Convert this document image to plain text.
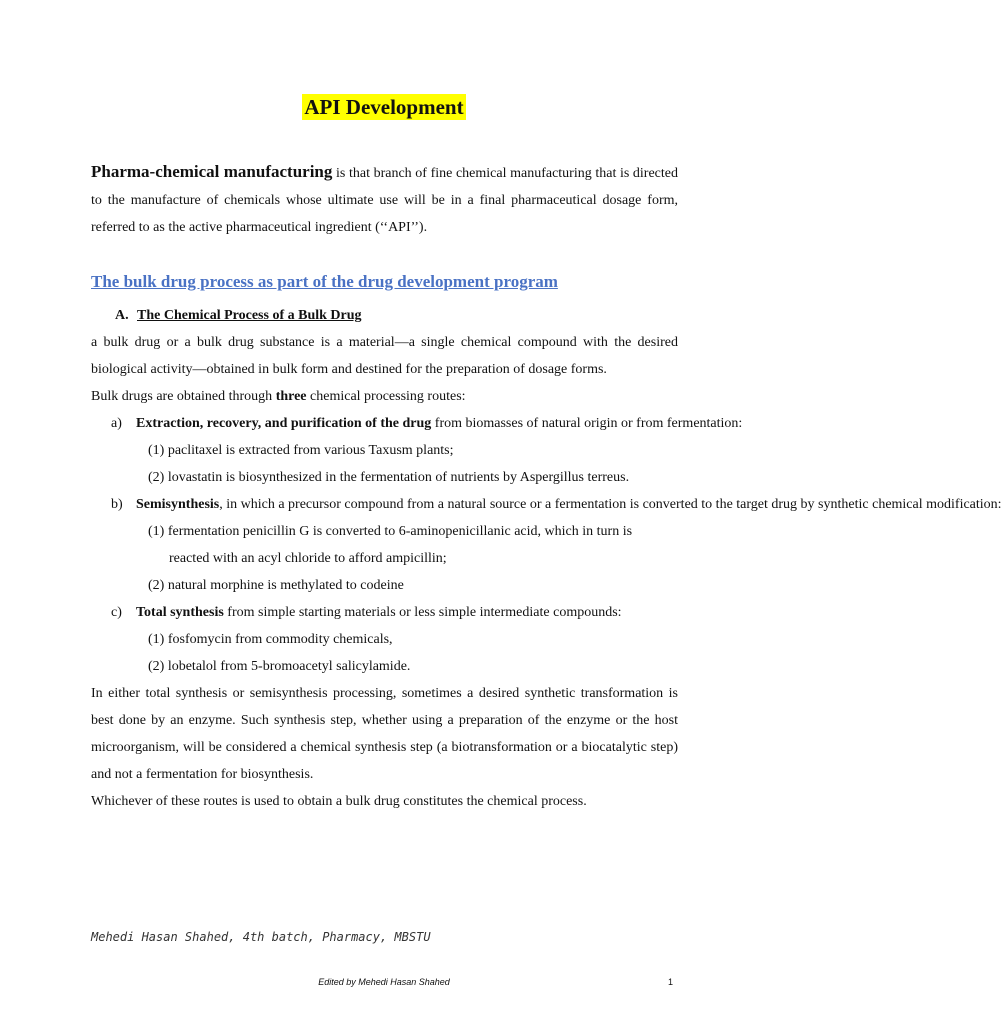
API Development

Pharma-chemical manufacturing is that branch of fine chemical manufacturing that is directed to the manufacture of chemicals whose ultimate use will be in a final pharmaceutical dosage form, referred to as the active pharmaceutical ingredient (‘‘API’’).

The bulk drug process as part of the drug development program

A. The Chemical Process of a Bulk Drug

a bulk drug or a bulk drug substance is a material—a single chemical compound with the desired biological activity—obtained in bulk form and destined for the preparation of dosage forms.

Bulk drugs are obtained through three chemical processing routes:

a) Extraction, recovery, and purification of the drug from biomasses of natural origin or from fermentation:

(1) paclitaxel is extracted from various Taxusm plants;

(2) lovastatin is biosynthesized in the fermentation of nutrients by Aspergillus terreus.

b) Semisynthesis, in which a precursor compound from a natural source or a fermentation is converted to the target drug by synthetic chemical modification:

(1) fermentation penicillin G is converted to 6-aminopenicillanic acid, which in turn is

reacted with an acyl chloride to afford ampicillin;

(2) natural morphine is methylated to codeine

c) Total synthesis from simple starting materials or less simple intermediate compounds:

(1) fosfomycin from commodity chemicals,

(2) lobetalol from 5-bromoacetyl salicylamide.

In either total synthesis or semisynthesis processing, sometimes a desired synthetic transformation is best done by an enzyme. Such synthesis step, whether using a preparation of the enzyme or the host microorganism, will be considered a chemical synthesis step (a biotransformation or a biocatalytic step) and not a fermentation for biosynthesis.

Whichever of these routes is used to obtain a bulk drug constitutes the chemical process.

Mehedi Hasan Shahed, 4th batch, Pharmacy, MBSTU
Edited by Mehedi Hasan Shahed	1
